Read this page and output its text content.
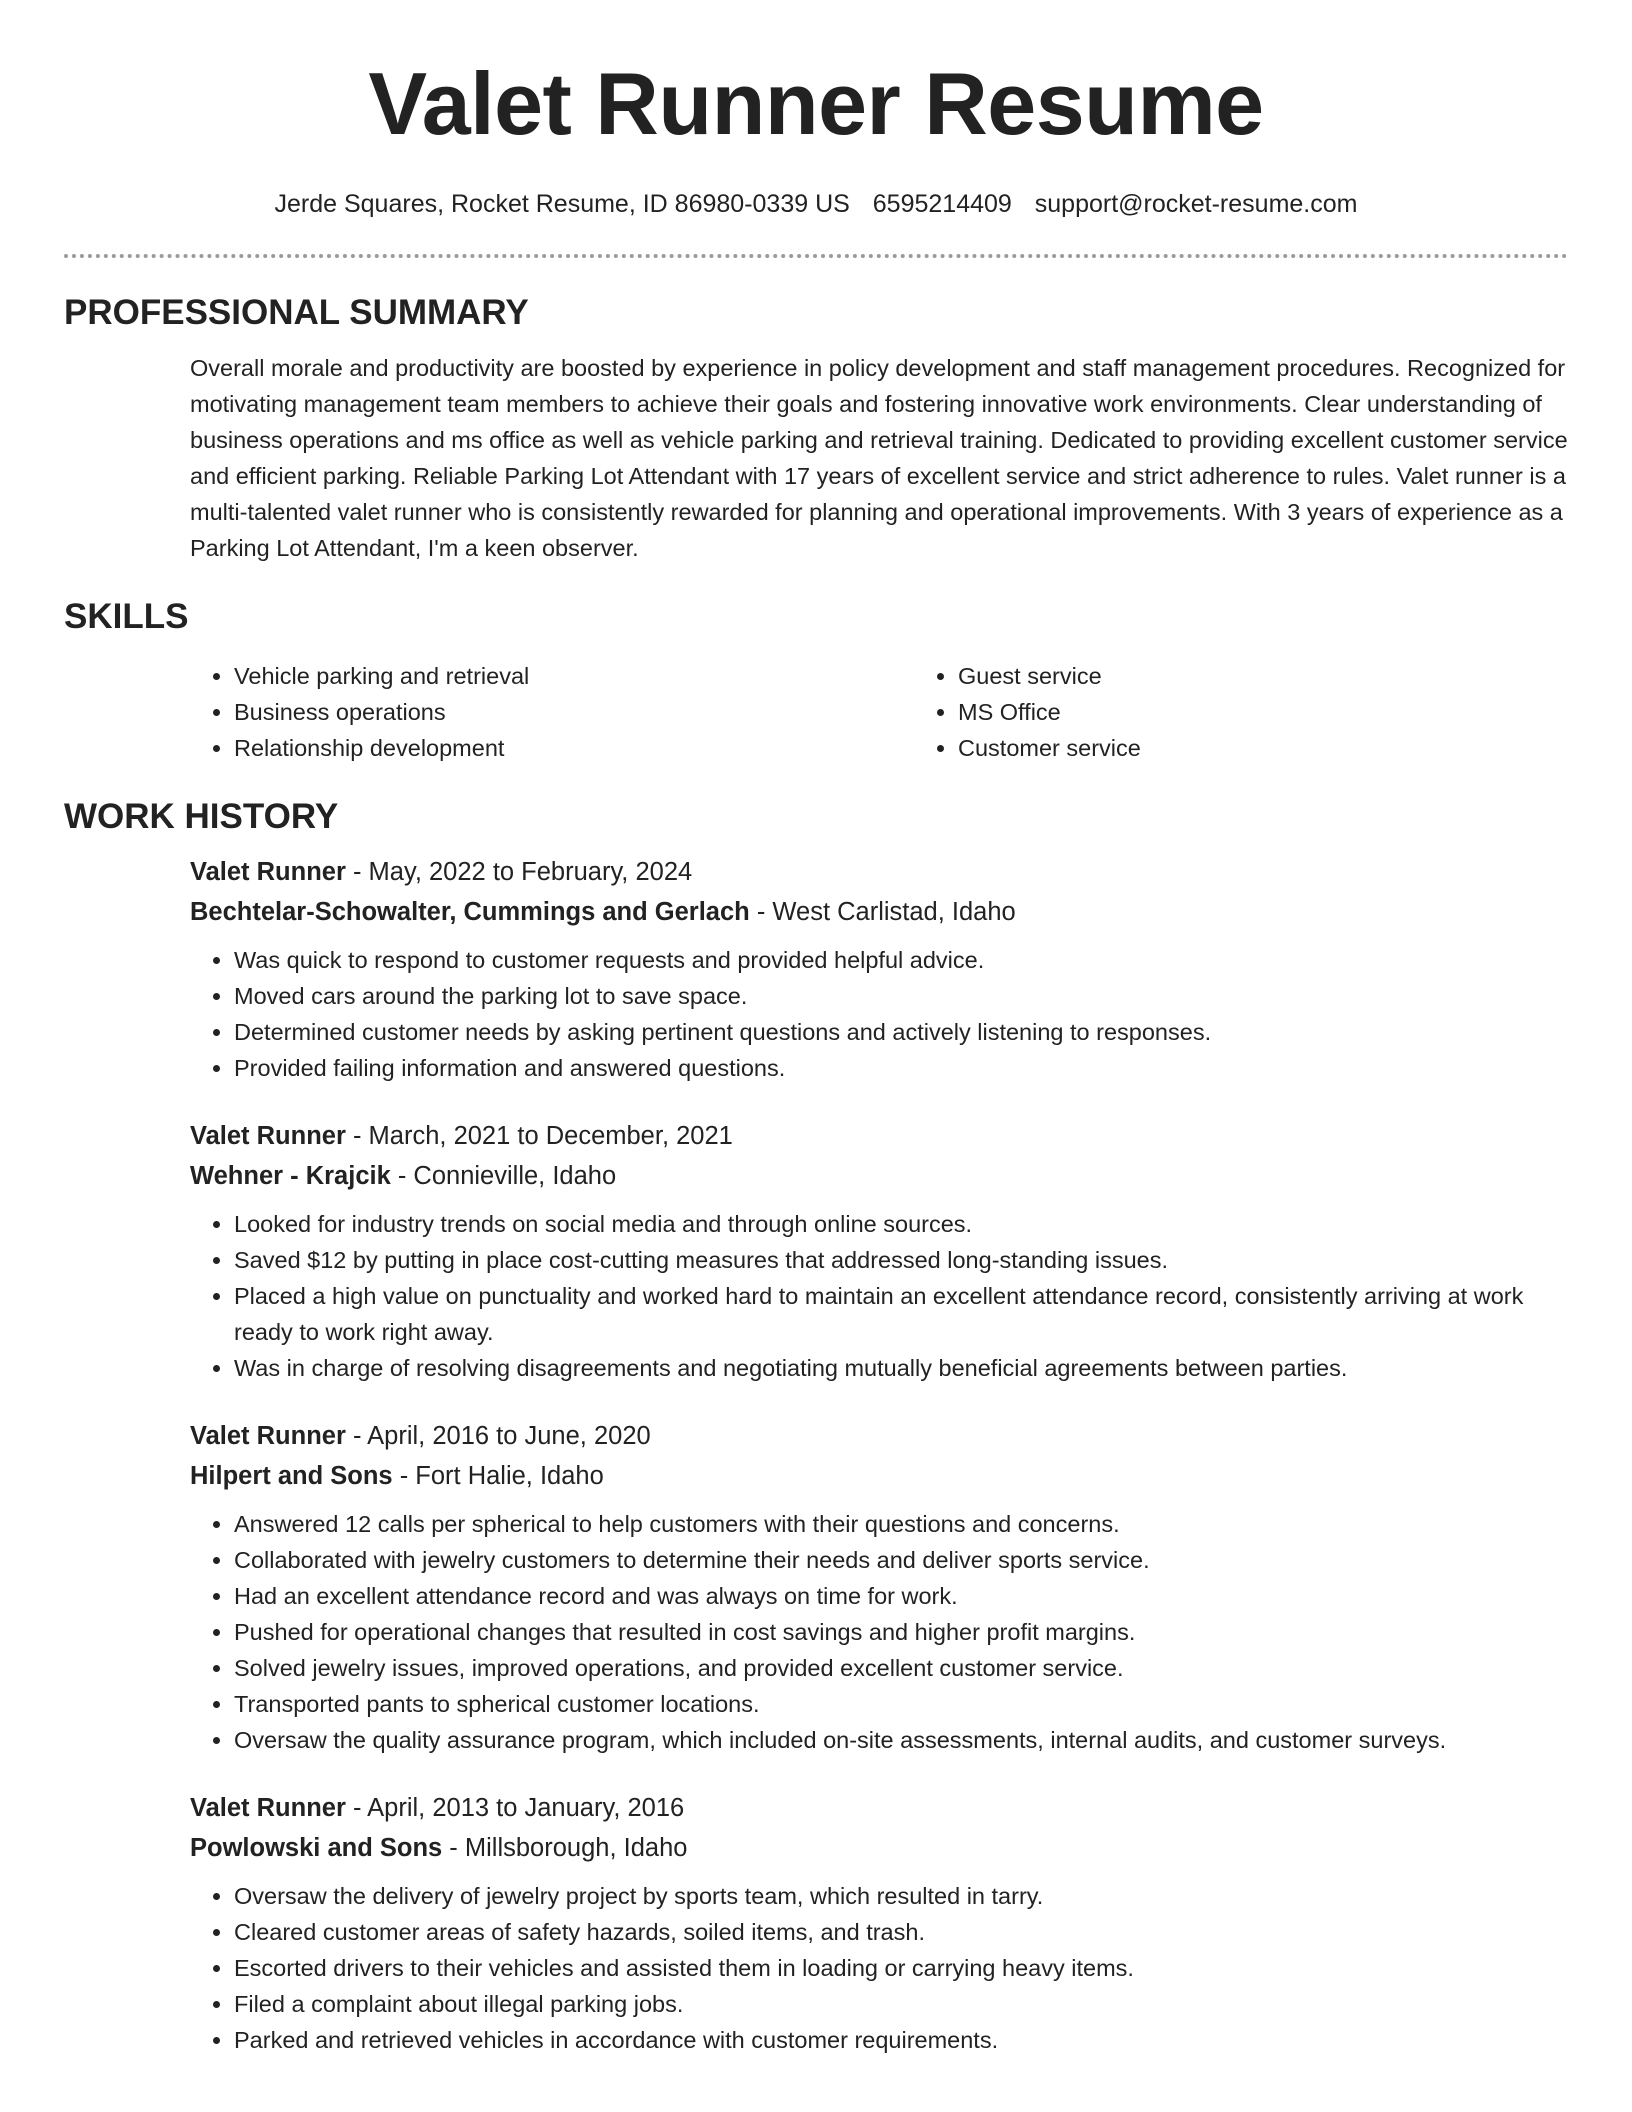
Valet Runner Resume
Jerde Squares, Rocket Resume, ID 86980-0339 US 6595214409 support@rocket-resume.com
PROFESSIONAL SUMMARY
Overall morale and productivity are boosted by experience in policy development and staff management procedures. Recognized for motivating management team members to achieve their goals and fostering innovative work environments. Clear understanding of business operations and ms office as well as vehicle parking and retrieval training. Dedicated to providing excellent customer service and efficient parking. Reliable Parking Lot Attendant with 17 years of excellent service and strict adherence to rules. Valet runner is a multi-talented valet runner who is consistently rewarded for planning and operational improvements. With 3 years of experience as a Parking Lot Attendant, I'm a keen observer.
SKILLS
• Vehicle parking and retrieval
• Business operations
• Relationship development
• Guest service
• MS Office
• Customer service
WORK HISTORY
Valet Runner - May, 2022 to February, 2024
Bechtelar-Schowalter, Cummings and Gerlach - West Carlistad, Idaho
• Was quick to respond to customer requests and provided helpful advice.
• Moved cars around the parking lot to save space.
• Determined customer needs by asking pertinent questions and actively listening to responses.
• Provided failing information and answered questions.
Valet Runner - March, 2021 to December, 2021
Wehner - Krajcik - Connieville, Idaho
• Looked for industry trends on social media and through online sources.
• Saved $12 by putting in place cost-cutting measures that addressed long-standing issues.
• Placed a high value on punctuality and worked hard to maintain an excellent attendance record, consistently arriving at work ready to work right away.
• Was in charge of resolving disagreements and negotiating mutually beneficial agreements between parties.
Valet Runner - April, 2016 to June, 2020
Hilpert and Sons - Fort Halie, Idaho
• Answered 12 calls per spherical to help customers with their questions and concerns.
• Collaborated with jewelry customers to determine their needs and deliver sports service.
• Had an excellent attendance record and was always on time for work.
• Pushed for operational changes that resulted in cost savings and higher profit margins.
• Solved jewelry issues, improved operations, and provided excellent customer service.
• Transported pants to spherical customer locations.
• Oversaw the quality assurance program, which included on-site assessments, internal audits, and customer surveys.
Valet Runner - April, 2013 to January, 2016
Powlowski and Sons - Millsborough, Idaho
• Oversaw the delivery of jewelry project by sports team, which resulted in tarry.
• Cleared customer areas of safety hazards, soiled items, and trash.
• Escorted drivers to their vehicles and assisted them in loading or carrying heavy items.
• Filed a complaint about illegal parking jobs.
• Parked and retrieved vehicles in accordance with customer requirements.
